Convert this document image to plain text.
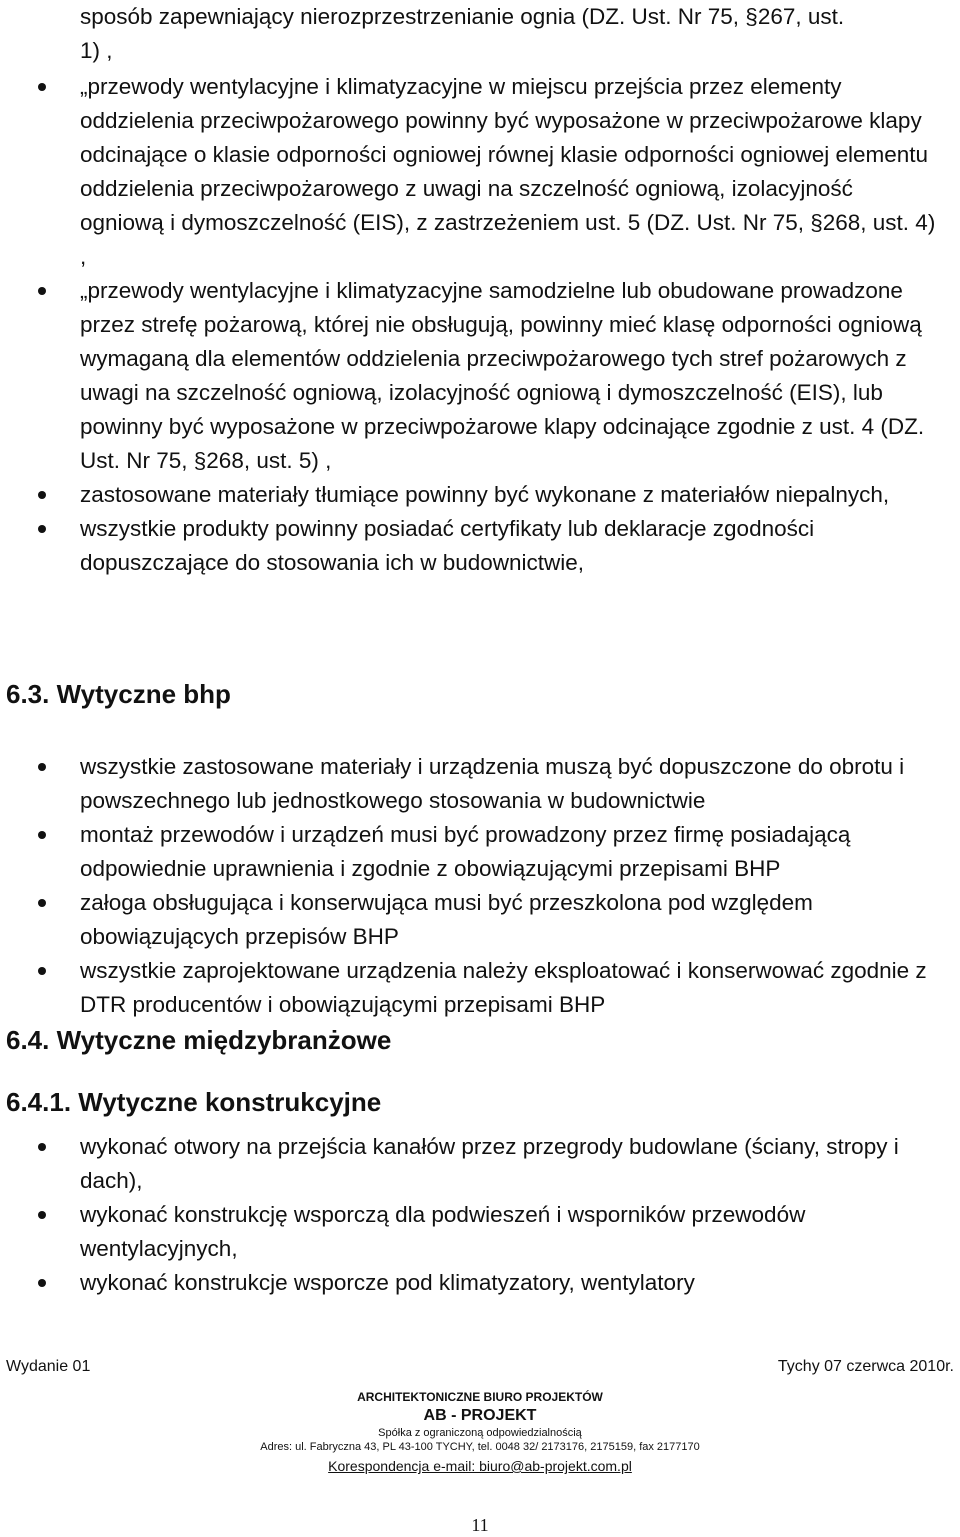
sposób zapewniający nierozprzestrzenianie ognia (DZ. Ust. Nr 75, §267, ust.
1) ,
„przewody wentylacyjne i klimatyzacyjne w miejscu przejścia przez elementy oddzielenia przeciwpożarowego powinny być wyposażone w przeciwpożarowe klapy odcinające o klasie odporności ogniowej równej klasie odporności ogniowej elementu oddzielenia przeciwpożarowego z uwagi na szczelność ogniową, izolacyjność ogniową i dymoszczelność (EIS), z zastrzeżeniem ust. 5 (DZ. Ust. Nr 75, §268, ust. 4) ,
„przewody wentylacyjne i klimatyzacyjne samodzielne lub obudowane prowadzone przez strefę pożarową, której nie obsługują, powinny mieć klasę odporności ogniową wymaganą dla elementów oddzielenia przeciwpożarowego tych stref pożarowych z uwagi na szczelność ogniową, izolacyjność ogniową i dymoszczelność (EIS), lub powinny być wyposażone w przeciwpożarowe klapy odcinające zgodnie z ust. 4 (DZ. Ust. Nr 75, §268, ust. 5) ,
zastosowane materiały tłumiące powinny być wykonane z materiałów niepalnych,
wszystkie produkty powinny posiadać certyfikaty lub deklaracje zgodności dopuszczające do stosowania ich w budownictwie,
6.3. Wytyczne bhp
wszystkie zastosowane materiały i urządzenia muszą być dopuszczone do obrotu i powszechnego lub jednostkowego stosowania w budownictwie
montaż przewodów i urządzeń musi być prowadzony przez firmę posiadającą odpowiednie uprawnienia i zgodnie z obowiązującymi przepisami BHP
załoga obsługująca i konserwująca musi być przeszkolona pod względem obowiązujących przepisów BHP
wszystkie zaprojektowane urządzenia należy eksploatować i konserwować zgodnie z DTR producentów i obowiązującymi przepisami BHP
6.4. Wytyczne międzybranżowe
6.4.1. Wytyczne konstrukcyjne
wykonać otwory na przejścia kanałów przez przegrody budowlane (ściany, stropy i dach),
wykonać konstrukcję wsporczą dla podwieszeń i wsporników przewodów wentylacyjnych,
wykonać konstrukcje wsporcze pod klimatyzatory, wentylatory
Wydanie 01	Tychy 07 czerwca 2010r.
ARCHITEKTONICZNE BIURO PROJEKTÓW
AB - PROJEKT
Spółka z ograniczoną odpowiedzialnością
Adres: ul. Fabryczna 43, PL 43-100 TYCHY, tel. 0048 32/ 2173176, 2175159, fax 2177170
Korespondencja e-mail: biuro@ab-projekt.com.pl
11
